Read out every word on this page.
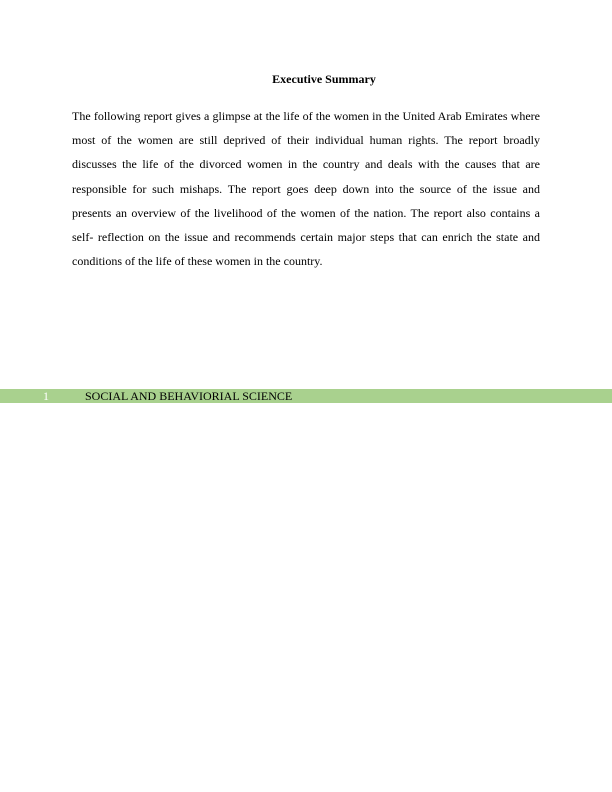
Executive Summary

The following report gives a glimpse at the life of the women in the United Arab Emirates where most of the women are still deprived of their individual human rights. The report broadly discusses the life of the divorced women in the country and deals with the causes that are responsible for such mishaps. The report goes deep down into the source of the issue and presents an overview of the livelihood of the women of the nation. The report also contains a self- reflection on the issue and recommends certain major steps that can enrich the state and conditions of the life of these women in the country.

1	SOCIAL AND BEHAVIORIAL SCIENCE
